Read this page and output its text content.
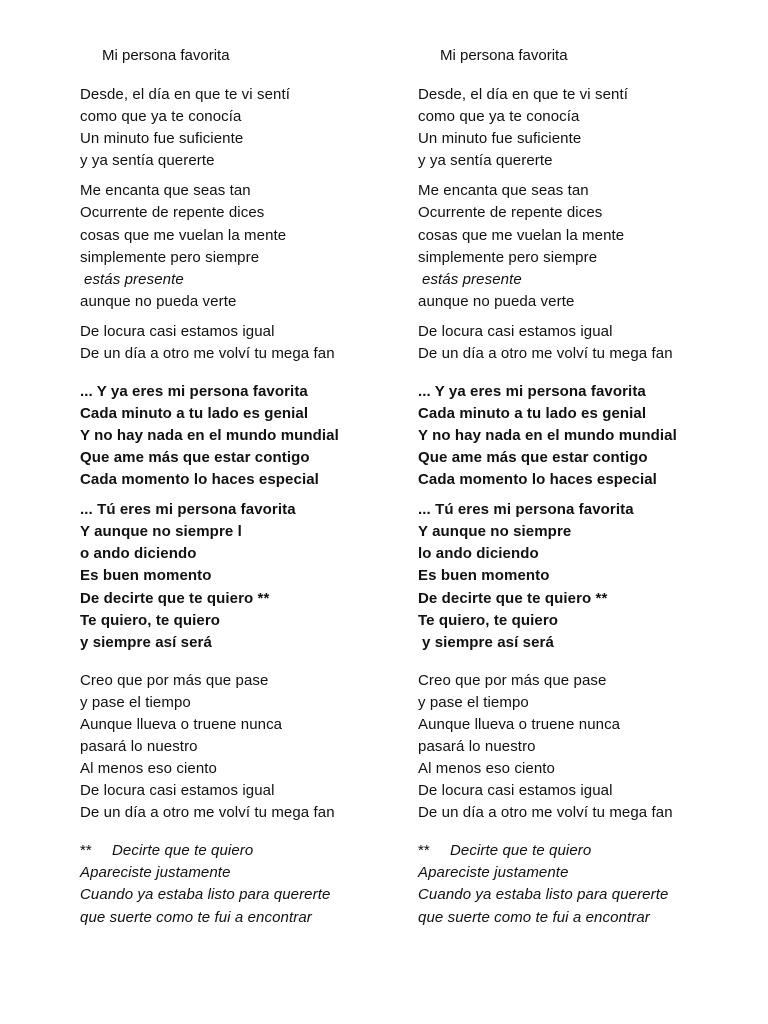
Mi persona favorita
Desde, el día en que te vi sentí
como que ya te conocía
Un minuto fue suficiente
y ya sentía quererte
Me encanta que seas tan
Ocurrente de repente dices
cosas que me vuelan la mente
simplemente pero siempre
estás presente
aunque no pueda verte
De locura casi estamos igual
De un día a otro me volví tu mega fan
... Y ya eres mi persona favorita
Cada minuto a tu lado es genial
Y no hay nada en el mundo mundial
Que ame más que estar contigo
Cada momento lo haces especial
... Tú eres mi persona favorita
Y aunque no siempre l
o ando diciendo
Es buen momento
De decirte que te quiero **
Te quiero, te quiero
y siempre así será
Creo que por más que pase
y pase el tiempo
Aunque llueva o truene nunca
pasará lo nuestro
Al menos eso ciento
De locura casi estamos igual
De un día a otro me volví tu mega fan
** Decirte que te quiero
Apareciste justamente
Cuando ya estaba listo para quererte
que suerte como te fui a encontrar
Mi persona favorita
Desde, el día en que te vi sentí
como que ya te conocía
Un minuto fue suficiente
y ya sentía quererte
Me encanta que seas tan
Ocurrente de repente dices
cosas que me vuelan la mente
simplemente pero siempre
estás presente
aunque no pueda verte
De locura casi estamos igual
De un día a otro me volví tu mega fan
... Y ya eres mi persona favorita
Cada minuto a tu lado es genial
Y no hay nada en el mundo mundial
Que ame más que estar contigo
Cada momento lo haces especial
... Tú eres mi persona favorita
Y aunque no siempre
lo ando diciendo
Es buen momento
De decirte que te quiero **
Te quiero, te quiero
y siempre así será
Creo que por más que pase
y pase el tiempo
Aunque llueva o truene nunca
pasará lo nuestro
Al menos eso ciento
De locura casi estamos igual
De un día a otro me volví tu mega fan
** Decirte que te quiero
Apareciste justamente
Cuando ya estaba listo para quererte
que suerte como te fui a encontrar
